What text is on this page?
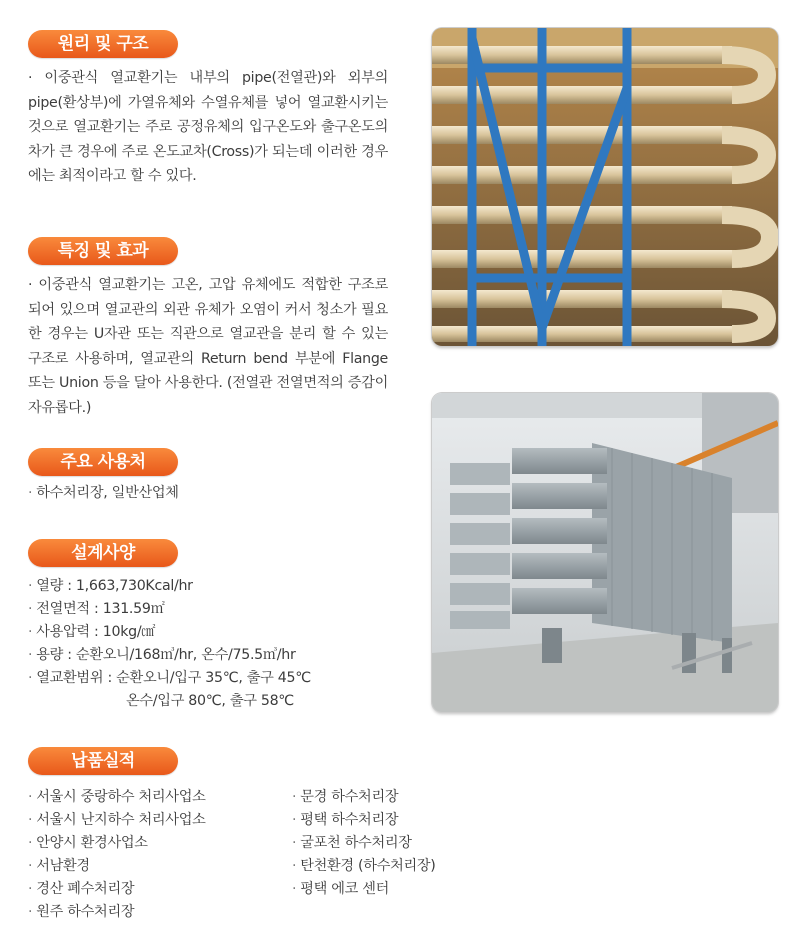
원리 및 구조
· 이중관식 열교환기는 내부의 pipe(전열관)와 외부의 pipe(환상부)에 가열유체와 수열유체를 넣어 열교환시키는 것으로 열교환기는 주로 공정유체의 입구온도와 출구온도의 차가 큰 경우에 주로 온도교차(Cross)가 되는데 이러한 경우에는 최적이라고 할 수 있다.
특징 및 효과
· 이중관식 열교환기는 고온, 고압 유체에도 적합한 구조로 되어 있으며 열교관의 외관 유체가 오염이 커서 청소가 필요한 경우는 U자관 또는 직관으로 열교관을 분리 할 수 있는 구조로 사용하며, 열교관의 Return bend 부분에 Flange 또는 Union 등을 달아 사용한다. (전열관 전열면적의 증감이 자유롭다.)
주요 사용처
· 하수처리장, 일반산업체
설계사양
· 열량 : 1,663,730Kcal/hr
· 전열면적 : 131.59㎡
· 사용압력 : 10kg/㎠
· 용량 : 순환오니/168㎥/hr, 온수/75.5㎥/hr
· 열교환범위 : 순환오니/입구 35℃, 출구 45℃
온수/입구 80℃, 출구 58℃
납품실적
· 서울시 중랑하수 처리사업소
· 서울시 난지하수 처리사업소
· 안양시 환경사업소
· 서남환경
· 경산 폐수처리장
· 원주 하수처리장
· 문경 하수처리장
· 평택 하수처리장
· 굴포천 하수처리장
· 탄천환경 (하수처리장)
· 평택 에코 센터
